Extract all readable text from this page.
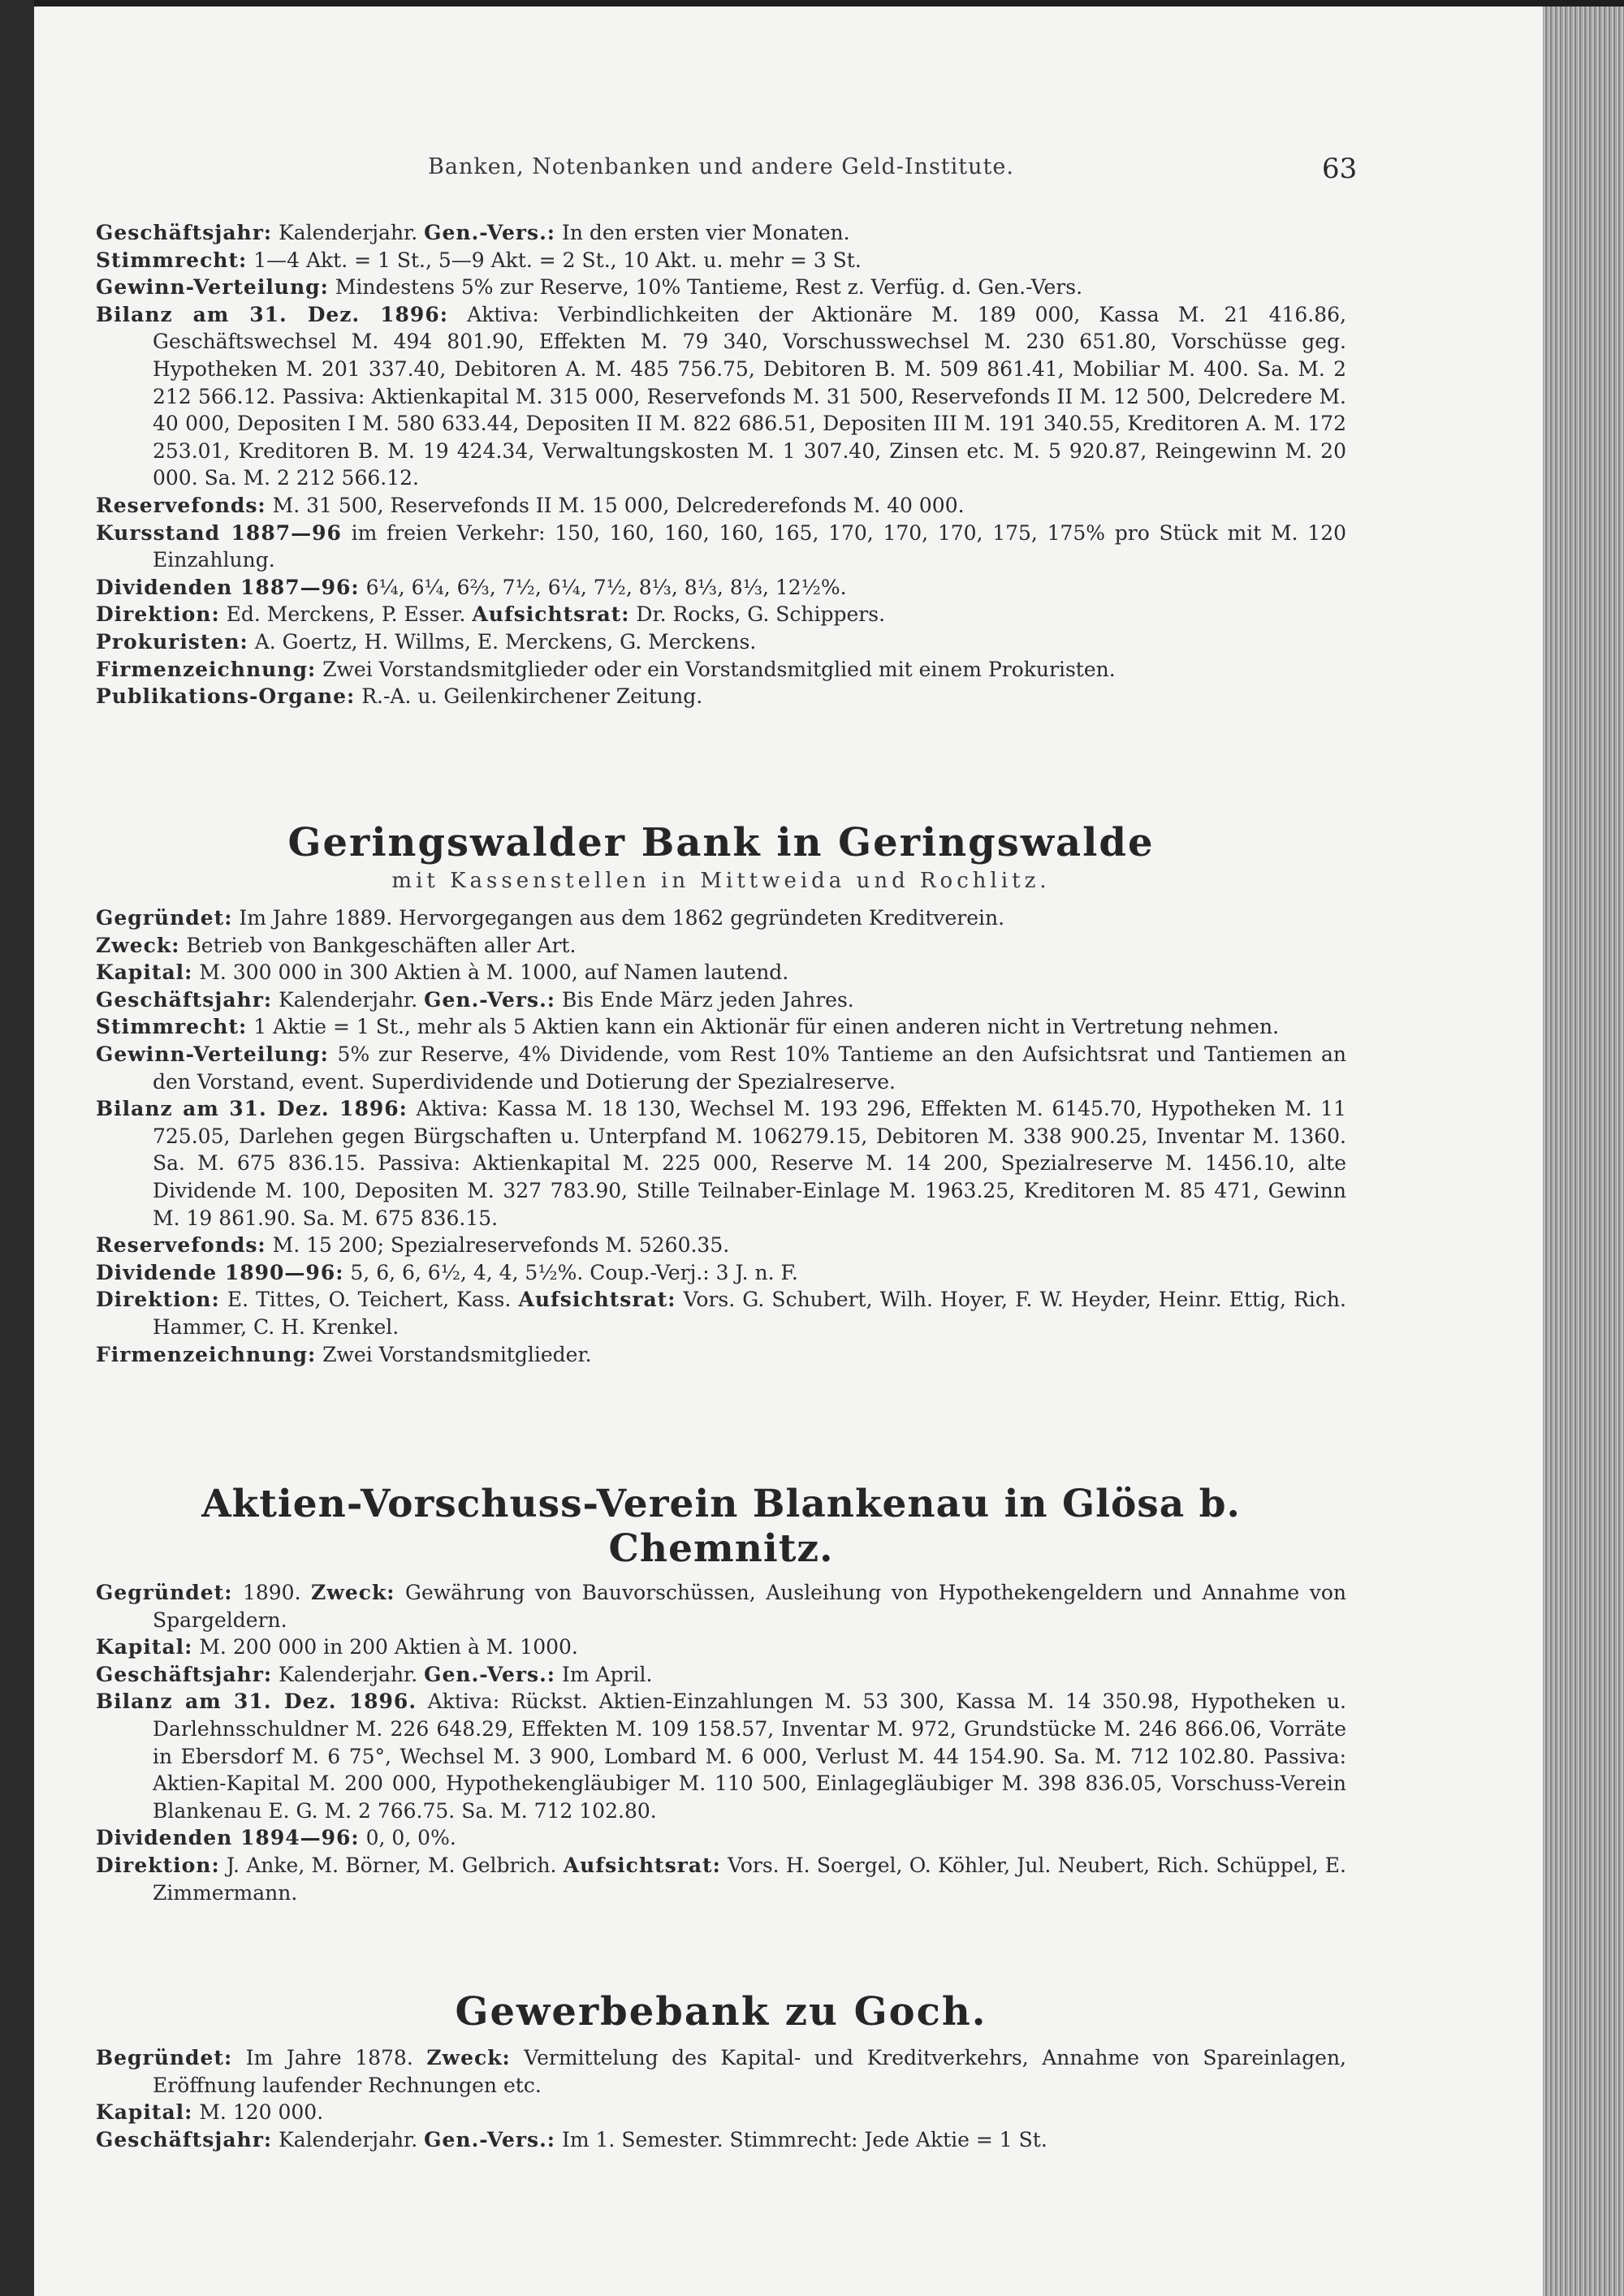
Banken, Notenbanken und andere Geld-Institute.	63

Geschäftsjahr: Kalenderjahr. Gen.-Vers.: In den ersten vier Monaten.

Stimmrecht: 1—4 Akt. = 1 St., 5—9 Akt. = 2 St., 10 Akt. u. mehr = 3 St.

Gewinn-Verteilung: Mindestens 5% zur Reserve, 10% Tantieme, Rest z. Verfüg. d. Gen.-Vers.

Bilanz am 31. Dez. 1896: Aktiva: Verbindlichkeiten der Aktionäre M. 189 000, Kassa M. 21 416.86, Geschäftswechsel M. 494 801.90, Effekten M. 79 340, Vorschusswechsel M. 230 651.80, Vorschüsse geg. Hypotheken M. 201 337.40, Debitoren A. M. 485 756.75, Debitoren B. M. 509 861.41, Mobiliar M. 400. Sa. M. 2 212 566.12. Passiva: Aktienkapital M. 315 000, Reservefonds M. 31 500, Reservefonds II M. 12 500, Delcredere M. 40 000, Depositen I M. 580 633.44, Depositen II M. 822 686.51, Depositen III M. 191 340.55, Kreditoren A. M. 172 253.01, Kreditoren B. M. 19 424.34, Verwaltungskosten M. 1 307.40, Zinsen etc. M. 5 920.87, Reingewinn M. 20 000. Sa. M. 2 212 566.12.

Reservefonds: M. 31 500, Reservefonds II M. 15 000, Delcrederefonds M. 40 000.

Kursstand 1887—96 im freien Verkehr: 150, 160, 160, 160, 165, 170, 170, 170, 175, 175% pro Stück mit M. 120 Einzahlung.

Dividenden 1887—96: 6¼, 6¼, 6⅔, 7½, 6¼, 7½, 8⅓, 8⅓, 8⅓, 12½%.

Direktion: Ed. Merckens, P. Esser. Aufsichtsrat: Dr. Rocks, G. Schippers.

Prokuristen: A. Goertz, H. Willms, E. Merckens, G. Merckens.

Firmenzeichnung: Zwei Vorstandsmitglieder oder ein Vorstandsmitglied mit einem Prokuristen.

Publikations-Organe: R.-A. u. Geilenkirchener Zeitung.

Geringswalder Bank in Geringswalde
mit Kassenstellen in Mittweida und Rochlitz.

Gegründet: Im Jahre 1889. Hervorgegangen aus dem 1862 gegründeten Kreditverein.

Zweck: Betrieb von Bankgeschäften aller Art.

Kapital: M. 300 000 in 300 Aktien à M. 1000, auf Namen lautend.

Geschäftsjahr: Kalenderjahr. Gen.-Vers.: Bis Ende März jeden Jahres.

Stimmrecht: 1 Aktie = 1 St., mehr als 5 Aktien kann ein Aktionär für einen anderen nicht in Vertretung nehmen.

Gewinn-Verteilung: 5% zur Reserve, 4% Dividende, vom Rest 10% Tantieme an den Aufsichtsrat und Tantiemen an den Vorstand, event. Superdividende und Dotierung der Spezialreserve.

Bilanz am 31. Dez. 1896: Aktiva: Kassa M. 18 130, Wechsel M. 193 296, Effekten M. 6145.70, Hypotheken M. 11 725.05, Darlehen gegen Bürgschaften u. Unterpfand M. 106279.15, Debitoren M. 338 900.25, Inventar M. 1360. Sa. M. 675 836.15. Passiva: Aktienkapital M. 225 000, Reserve M. 14 200, Spezialreserve M. 1456.10, alte Dividende M. 100, Depositen M. 327 783.90, Stille Teilnaber-Einlage M. 1963.25, Kreditoren M. 85 471, Gewinn M. 19 861.90. Sa. M. 675 836.15.

Reservefonds: M. 15 200; Spezialreservefonds M. 5260.35.

Dividende 1890—96: 5, 6, 6, 6½, 4, 4, 5½%. Coup.-Verj.: 3 J. n. F.

Direktion: E. Tittes, O. Teichert, Kass. Aufsichtsrat: Vors. G. Schubert, Wilh. Hoyer, F. W. Heyder, Heinr. Ettig, Rich. Hammer, C. H. Krenkel.

Firmenzeichnung: Zwei Vorstandsmitglieder.

Aktien-Vorschuss-Verein Blankenau in Glösa b. Chemnitz.

Gegründet: 1890. Zweck: Gewährung von Bauvorschüssen, Ausleihung von Hypothekengeldern und Annahme von Spargeldern.

Kapital: M. 200 000 in 200 Aktien à M. 1000.

Geschäftsjahr: Kalenderjahr. Gen.-Vers.: Im April.

Bilanz am 31. Dez. 1896. Aktiva: Rückst. Aktien-Einzahlungen M. 53 300, Kassa M. 14 350.98, Hypotheken u. Darlehnsschuldner M. 226 648.29, Effekten M. 109 158.57, Inventar M. 972, Grundstücke M. 246 866.06, Vorräte in Ebersdorf M. 6 75°, Wechsel M. 3 900, Lombard M. 6 000, Verlust M. 44 154.90. Sa. M. 712 102.80. Passiva: Aktien-Kapital M. 200 000, Hypothekengläubiger M. 110 500, Einlagegläubiger M. 398 836.05, Vorschuss-Verein Blankenau E. G. M. 2 766.75. Sa. M. 712 102.80.

Dividenden 1894—96: 0, 0, 0%.

Direktion: J. Anke, M. Börner, M. Gelbrich. Aufsichtsrat: Vors. H. Soergel, O. Köhler, Jul. Neubert, Rich. Schüppel, E. Zimmermann.

Gewerbebank zu Goch.

Begründet: Im Jahre 1878. Zweck: Vermittelung des Kapital- und Kreditverkehrs, Annahme von Spareinlagen, Eröffnung laufender Rechnungen etc.

Kapital: M. 120 000.

Geschäftsjahr: Kalenderjahr. Gen.-Vers.: Im 1. Semester. Stimmrecht: Jede Aktie = 1 St.
